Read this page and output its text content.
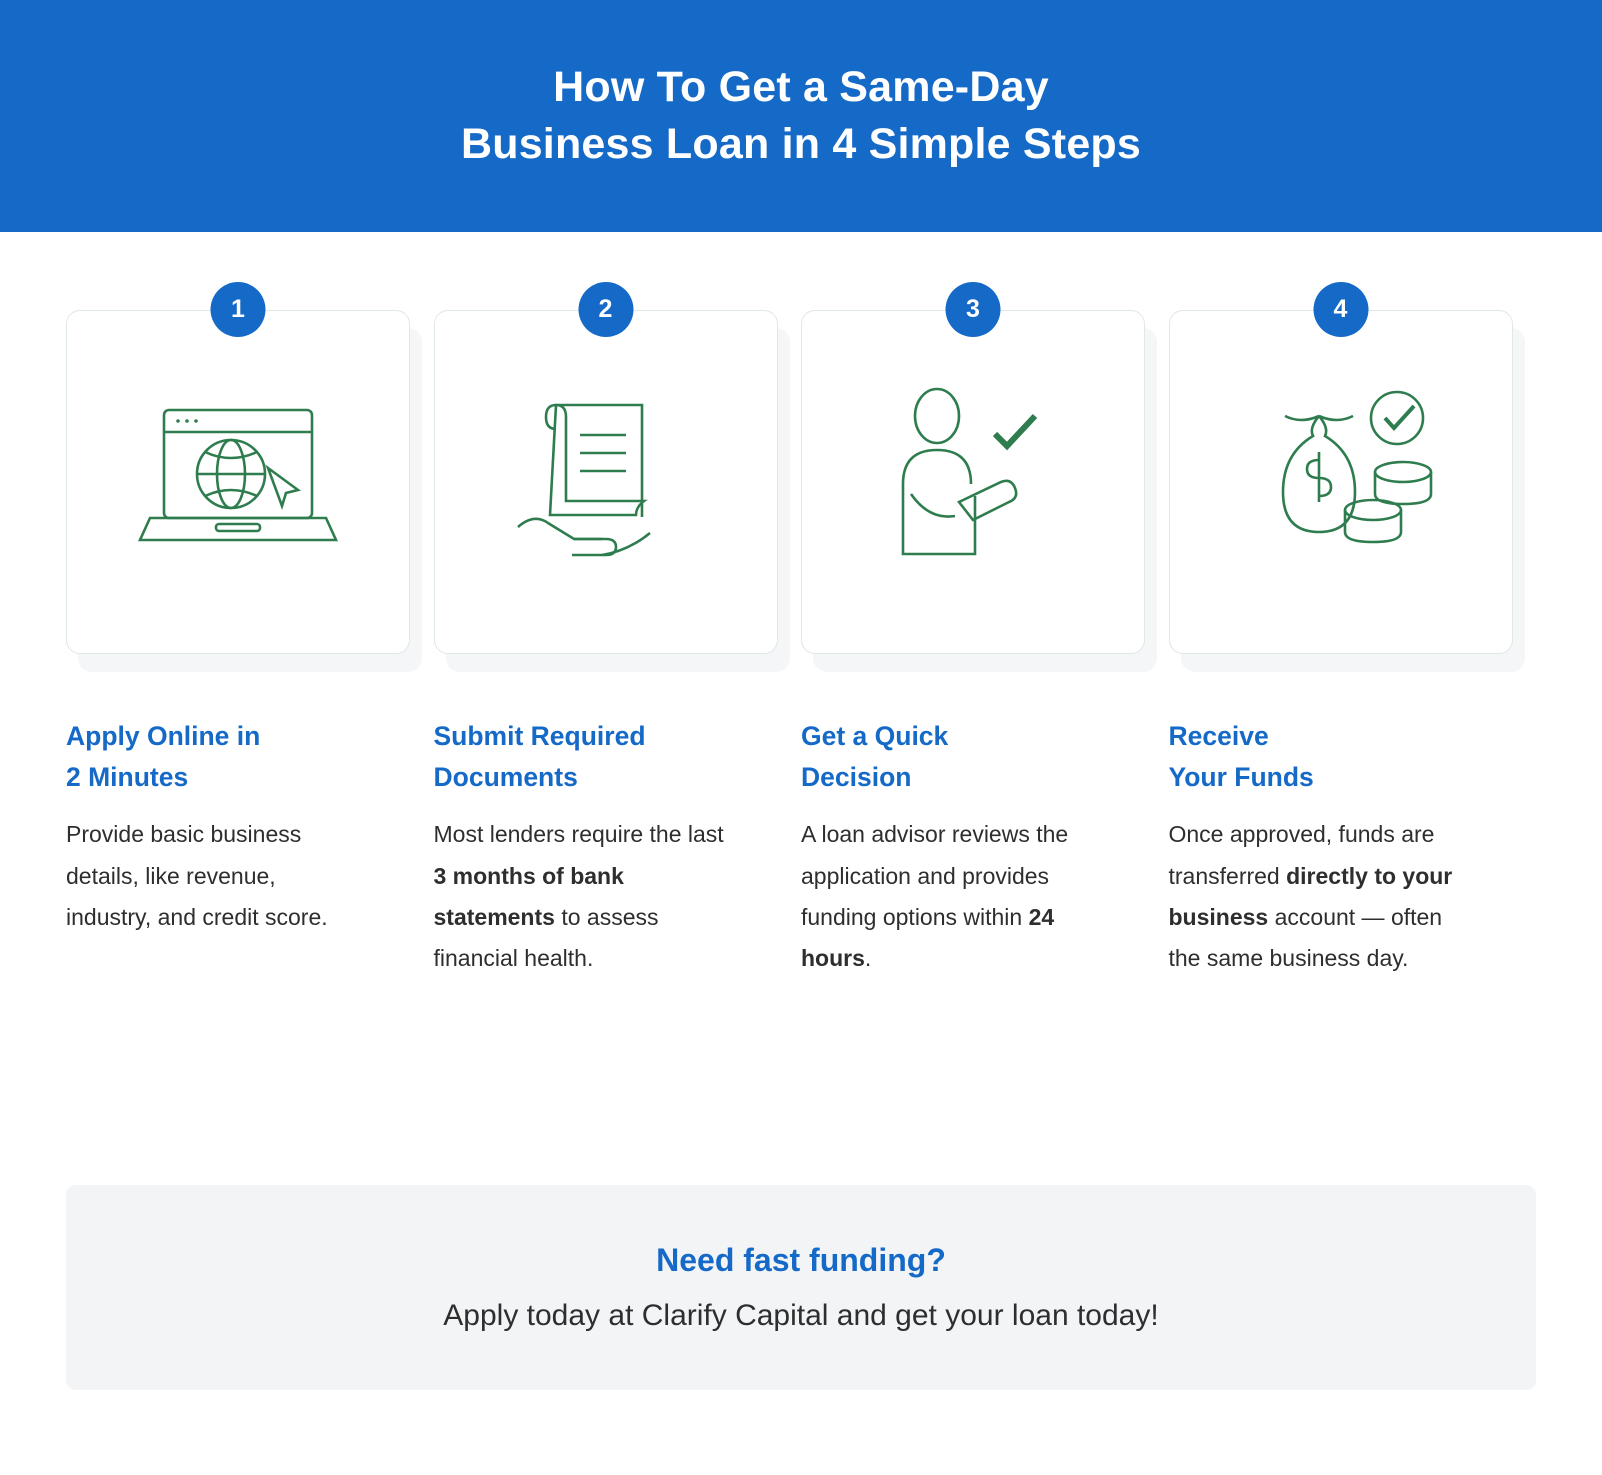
How To Get a Same-Day
Business Loan in 4 Simple Steps
1
Apply Online in
2 Minutes
Provide basic business details, like revenue, industry, and credit score.
2
Submit Required
Documents
Most lenders require the last 3 months of bank statements to assess financial health.
3
Get a Quick
Decision
A loan advisor reviews the application and provides funding options within 24 hours.
4
Receive
Your Funds
Once approved, funds are transferred directly to your business account — often the same business day.
Need fast funding?
Apply today at Clarify Capital and get your loan today!
